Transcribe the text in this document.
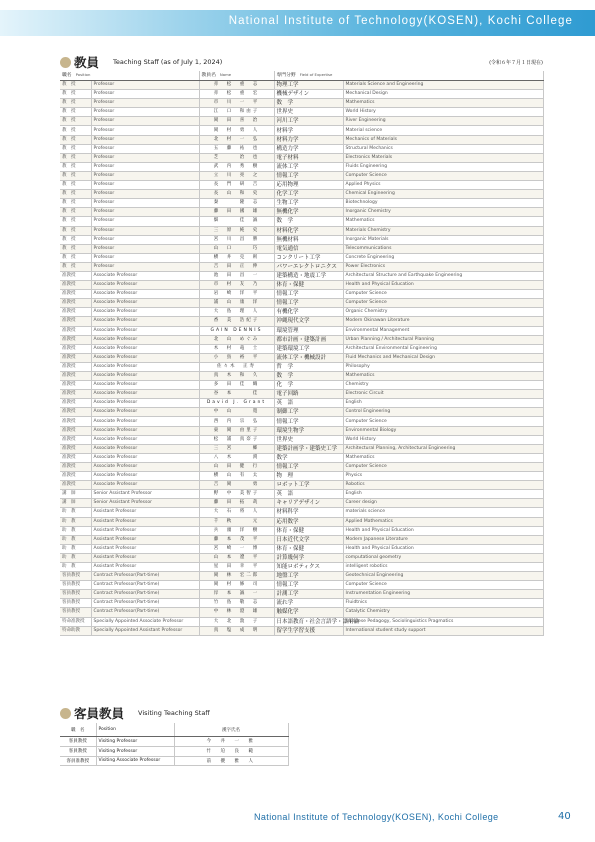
National Institute of Technology(KOSEN), Kochi College
教員 Teaching Staff (as of July 1, 2024)	(令和６年７月１日現在)
職名 Position		教員名 Name	専門分野 Field of Expertise	
教　授	Professor	赤　松　重　志	物理工学	Materials Science and Engineering
教　授	Professor	赤　松　重　宏	機械デザイン	Mechanical Design
教　授	Professor	市　川　一　平	数　学	Mathematics
教　授	Professor	江　口　和由子	世界史	World History
教　授	Professor	岡　田　喜　治	河川工学	River Engineering
教　授	Professor	岡　村　勇　人	材料学	Material science
教　授	Professor	北　村　一　弘	材料力学	Mechanics of Materials
教　授	Professor	五　藤　祐　也	構造力学	Structural Mechanics
教　授	Professor	芝　　　治　也	電子材料	Electronics Materials
教　授	Professor	武　内　秀　樹	流体工学	Fluids Engineering
教　授	Professor	立　川　亮　之	情報工学	Computer Science
教　授	Professor	長　門　研　吉	応用物理	Applied Physics
教　授	Professor	長　山　和　史	化学工学	Chemical Engineering
教　授	Professor	秦　　　隆　志	生物工学	Biotechnology
教　授	Professor	藤　田　國　雄	無機化学	Inorganic Chemistry
教　授	Professor	畑　　　佳　誠	数　学	Mathematics
教　授	Professor	三　原　純　史	材料化学	Materials Chemistry
教　授	Professor	宮　川　昌　勝	無機材料	Inorganic Materials
教　授	Professor	山　口　　　巧	電気通信	Telecommunications
教　授	Professor	横　井　克　則	コンクリート工学	Concrete Engineering
教　授	Professor	吉　田　正　伸	パワーエレクトロニクス	Power Electronics
准教授	Associate Professor	池　田　昌　一	建築構造・地震工学	Architectural Structure and Earthquake Engineering
准教授	Associate Professor	市　村　友　乃	体育・保健	Health and Physical Education
准教授	Associate Professor	岩　崎　洋　平	情報工学	Computer Science
准教授	Associate Professor	浦　山　康　洋	情報工学	Computer Science
准教授	Associate Professor	大　島　理　人	有機化学	Organic Chemistry
准教授	Associate Professor	香　美　浩紀子	沖縄現代文学	Modern Okinawan Literature
准教授	Associate Professor	GAIN DENNIS	環境管理	Environmental Management
准教授	Associate Professor	北　山　めぐみ	都市計画・建築計画	Urban Planning / Architectural Planning
准教授	Associate Professor	木　村　竜　士	建築環境工学	Architectural Environmental Engineering
准教授	Associate Professor	小　鳥　裕　平	流体工学・機械設計	Fluid Mechanics and Mechanical Design
准教授	Associate Professor	佐々木　正寿	哲　学	Philosophy
准教授	Associate Professor	真　木　和　久	数　学	Mathematics
准教授	Associate Professor	多　田　佳　織	化　学	Chemistry
准教授	Associate Professor	谷　本　　　佳	電子回路	Electronic Circuit
准教授	Associate Professor	David J. Grant	英　語	English
准教授	Associate Professor	中　山　　　寛	制御工学	Control Engineering
准教授	Associate Professor	西　内　宗　弘	情報工学	Computer Science
准教授	Associate Professor	東　岡　由里子	環境生物学	Environmental Biology
准教授	Associate Professor	松　浦　真奈子	世界史	World History
准教授	Associate Professor	三　宮　　　郷	建築計画学・建築史工学	Architectural Planning, Architectural Engineering
准教授	Associate Professor	八　木　　　渕	数学	Mathematics
准教授	Associate Professor	山　田　健　行	情報工学	Computer Science
准教授	Associate Professor	横　山　有　太	物　理	Physics
准教授	Associate Professor	吉　岡　　　勇	ロボット工学	Robotics
講　師	Senior Assistant Professor	野　中　美智子	英　語	English
講　師	Senior Assistant Professor	藤　田　拓　哉	キャリアデザイン	Career design
助　教	Assistant Professor	大　石　将　人	材料科学	materials science
助　教	Assistant Professor	千　秋　　　元	応用数学	Applied Mathematics
助　教	Assistant Professor	兵　頭　洋　樹	体育・保健	Health and Physical Education
助　教	Assistant Professor	藤　本　茂　平	日本近代文学	Modern Japanese Literature
助　教	Assistant Professor	宮　崎　一　博	体育・保健	Health and Physical Education
助　教	Assistant Professor	山　本　遼　平	計算幾何学	computational geometry
助　教	Assistant Professor	星　田　幸　平	知能ロボティクス	intelligent robotics
客員教授	Contract Professor(Part-time)	岡　林　宏二郎	地盤工学	Geotechnical Engineering
客員教授	Contract Professor(Part-time)	岡　村　修　司	情報工学	Computer Science
客員教授	Contract Professor(Part-time)	岸　本　誠　一	計測工学	Instrumentation Engineering
客員教授	Contract Professor(Part-time)	竹　島　敬　志	流れ学	Fluidtnics
客員教授	Contract Professor(Part-time)	中　林　澄　雄	触媒化学	Catalytic Chemistry
特命准教授	Specially Appointed Associate Professor	大　北　敦　子	日本語教育・社会言語学・語用論	Japanese Pedagogy, Sociolinguistics Pragmatics
特命助教	Specially Appointed Assistant Professor	真　塩　成　明	留学生学習支援	International student study support
客員教員 Visiting Teaching Staff
職　名	Position	漢字氏名
客員教授	Visiting Professor	今　井　一　雅
客員教授	Visiting Professor	竹　迫　良　範
客員准教授	Visiting Associate Professor	前　優　雅　人
National Institute of Technology(KOSEN), Kochi College	40
